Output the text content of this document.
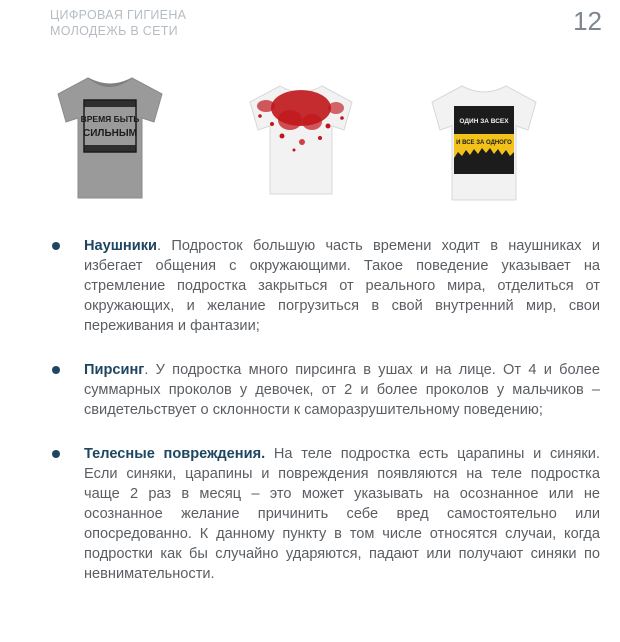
ЦИФРОВАЯ ГИГИЕНА
МОЛОДЕЖЬ В СЕТИ	12
ВРЕМЯ БЫТЬ
СИЛЬНЫМ
ОДИН ЗА ВСЕХ
И ВСЕ ЗА ОДНОГО
Наушники. Подросток большую часть времени ходит в наушниках и избегает общения с окружающими. Такое поведение указывает на стремление подростка закрыться от реального мира, отделиться от окружающих, и желание погрузиться в свой внутренний мир, свои переживания и фантазии;
Пирсинг. У подростка много пирсинга в ушах и на лице. От 4 и более суммарных проколов у девочек, от 2 и более проколов у мальчиков – свидетельствует о склонности к саморазрушительному поведению;
Телесные повреждения. На теле подростка есть царапины и синяки. Если синяки, царапины и повреждения появляются на теле подростка чаще 2 раз в месяц – это может указывать на осознанное или не осознанное желание причинить себе вред самостоятельно или опосредованно. К данному пункту в том числе относятся случаи, когда подростки как бы случайно ударяются, падают или получают синяки по невнимательности.
